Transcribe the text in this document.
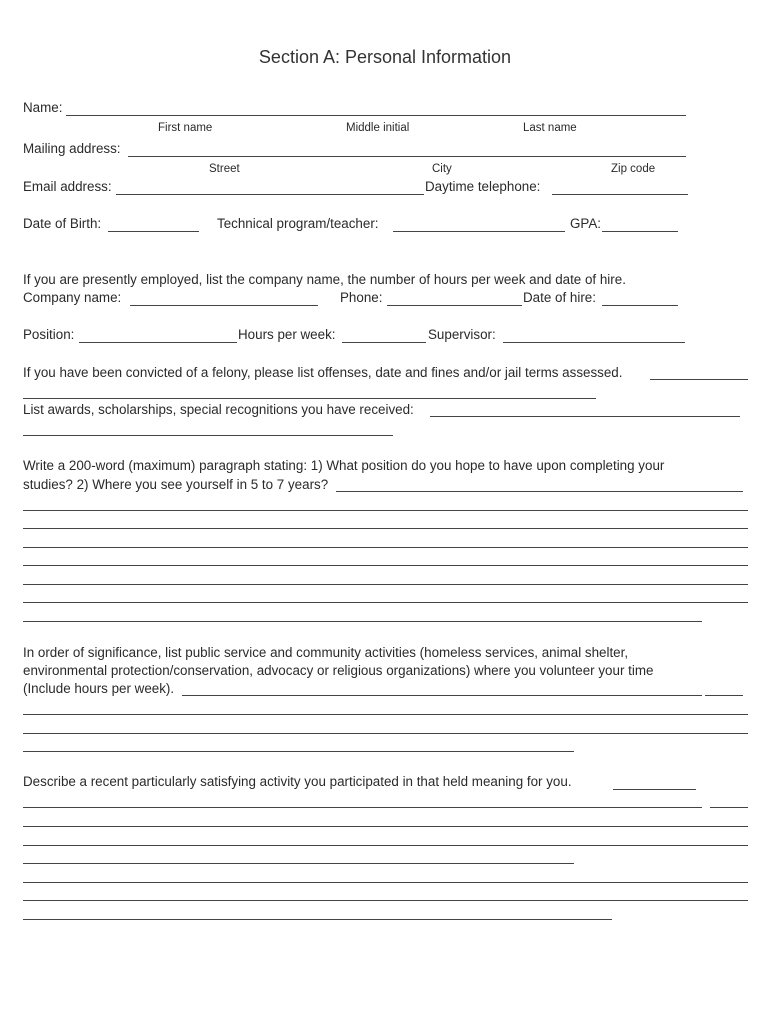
Section A: Personal Information
Name:
First name	Middle initial	Last name
Mailing address:
Street	City	Zip code
Email address:	Daytime telephone:
Date of Birth:	Technical program/teacher:	GPA:
If you are presently employed, list the company name, the number of hours per week and date of hire.
Company name:	Phone:	Date of hire:
Position:	Hours per week:	Supervisor:
If you have been convicted of a felony, please list offenses, date and fines and/or jail terms assessed.
List awards, scholarships, special recognitions you have received:
Write a 200-word (maximum) paragraph stating: 1) What position do you hope to have upon completing your
studies? 2) Where you see yourself in 5 to 7 years?
In order of significance, list public service and community activities (homeless services, animal shelter,
environmental protection/conservation, advocacy or religious organizations) where you volunteer your time
(Include hours per week).
Describe a recent particularly satisfying activity you participated in that held meaning for you.
